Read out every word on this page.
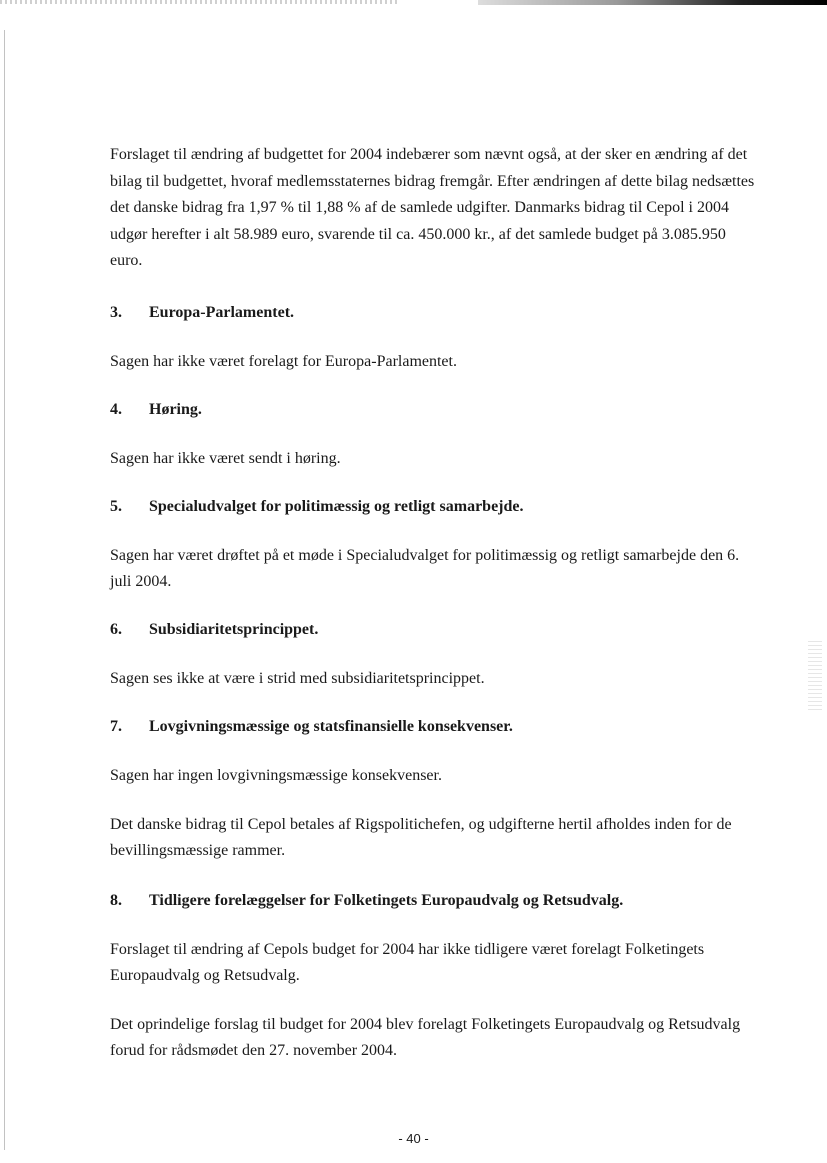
Forslaget til ændring af budgettet for 2004 indebærer som nævnt også, at der sker en ændring af det bilag til budgettet, hvoraf medlemsstaternes bidrag fremgår. Efter ændringen af dette bilag nedsættes det danske bidrag fra 1,97 % til 1,88 % af de samlede udgifter. Danmarks bidrag til Cepol i 2004 udgør herefter i alt 58.989 euro, svarende til ca. 450.000 kr., af det samlede budget på 3.085.950 euro.

3.	Europa-Parlamentet.

Sagen har ikke været forelagt for Europa-Parlamentet.

4.	Høring.

Sagen har ikke været sendt i høring.

5.	Specialudvalget for politimæssig og retligt samarbejde.

Sagen har været drøftet på et møde i Specialudvalget for politimæssig og retligt samarbejde den 6. juli 2004.

6.	Subsidiaritetsprincippet.

Sagen ses ikke at være i strid med subsidiaritetsprincippet.

7.	Lovgivningsmæssige og statsfinansielle konsekvenser.

Sagen har ingen lovgivningsmæssige konsekvenser.

Det danske bidrag til Cepol betales af Rigspolitichefen, og udgifterne hertil afholdes inden for de bevillingsmæssige rammer.

8.	Tidligere forelæggelser for Folketingets Europaudvalg og Retsudvalg.

Forslaget til ændring af Cepols budget for 2004 har ikke tidligere været forelagt Folketingets Europaudvalg og Retsudvalg.

Det oprindelige forslag til budget for 2004 blev forelagt Folketingets Europaudvalg og Retsudvalg forud for rådsmødet den 27. november 2004.

- 40 -
